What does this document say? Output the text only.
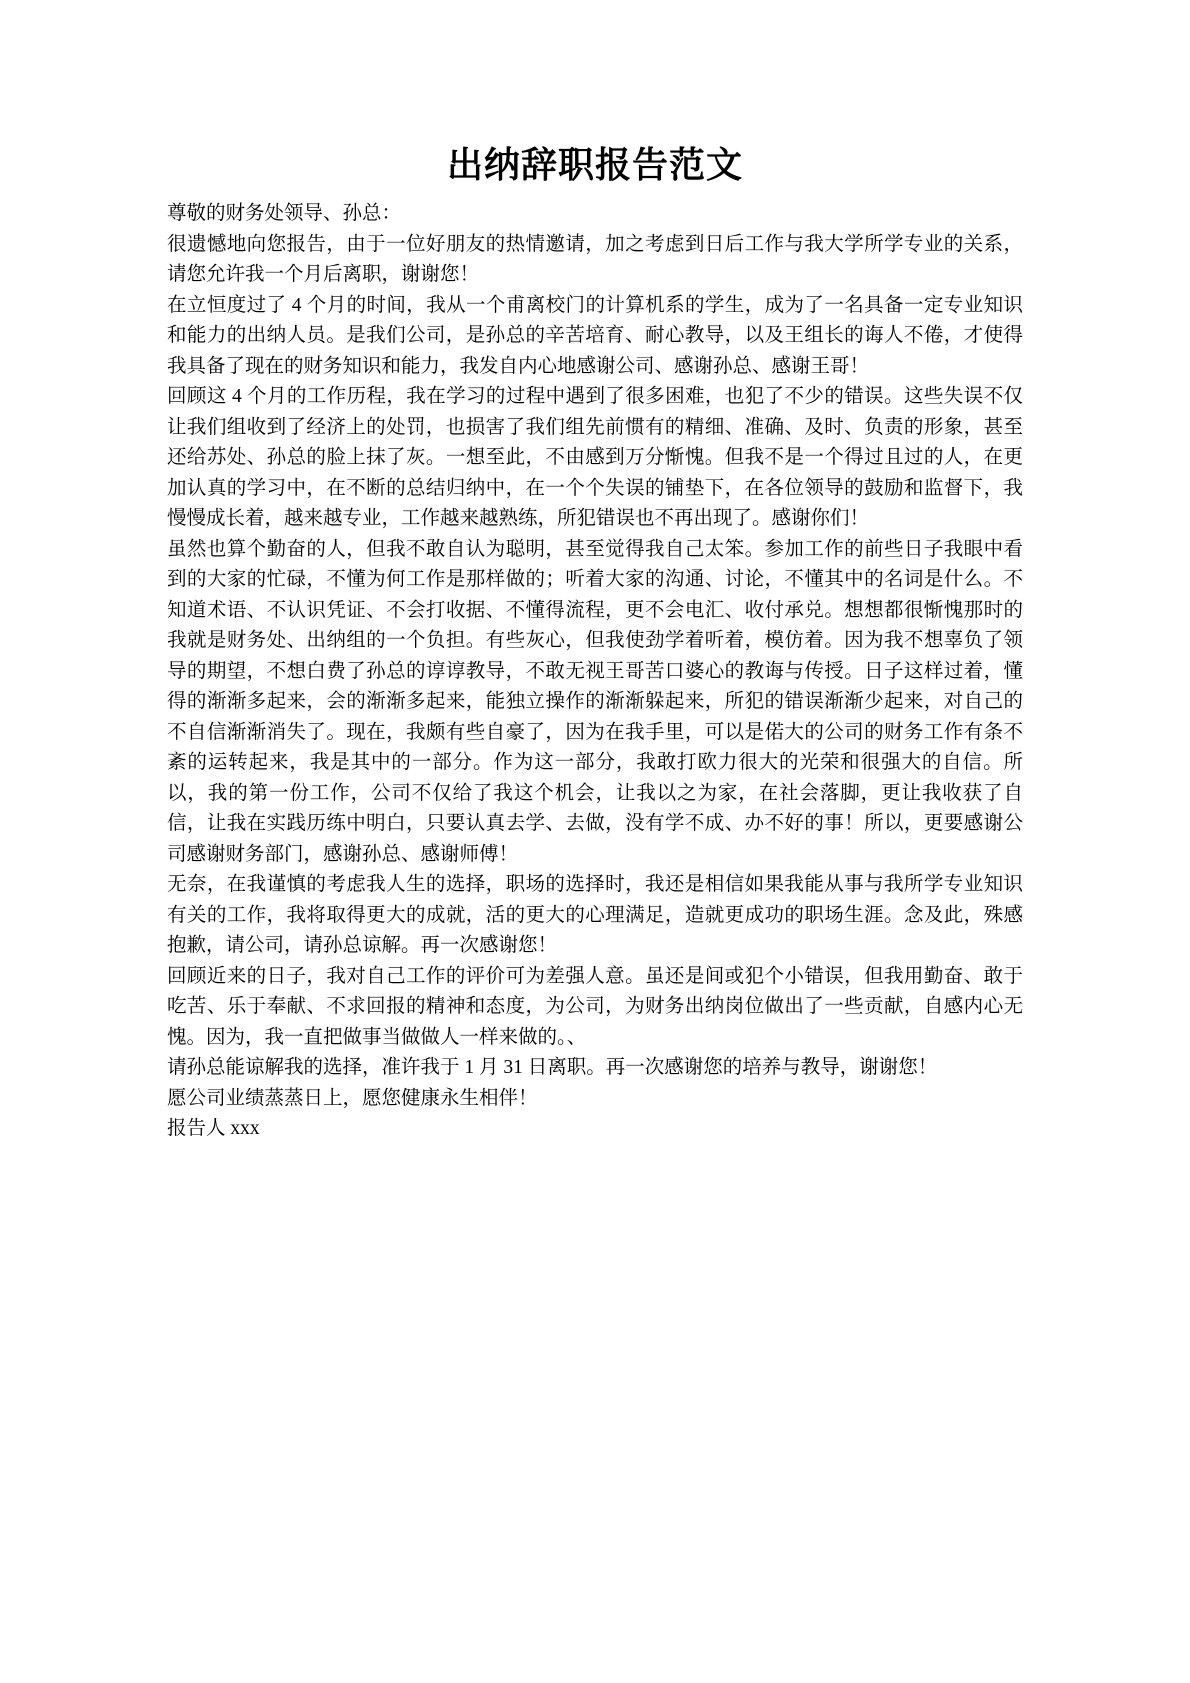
出纳辞职报告范文

尊敬的财务处领导、孙总：

很遗憾地向您报告，由于一位好朋友的热情邀请，加之考虑到日后工作与我大学所学专业的关系，请您允许我一个月后离职，谢谢您！

在立恒度过了 4 个月的时间，我从一个甫离校门的计算机系的学生，成为了一名具备一定专业知识和能力的出纳人员。是我们公司，是孙总的辛苦培育、耐心教导，以及王组长的诲人不倦，才使得我具备了现在的财务知识和能力，我发自内心地感谢公司、感谢孙总、感谢王哥！

回顾这 4 个月的工作历程，我在学习的过程中遇到了很多困难，也犯了不少的错误。这些失误不仅让我们组收到了经济上的处罚，也损害了我们组先前惯有的精细、准确、及时、负责的形象，甚至还给苏处、孙总的脸上抹了灰。一想至此，不由感到万分惭愧。但我不是一个得过且过的人，在更加认真的学习中，在不断的总结归纳中，在一个个失误的铺垫下，在各位领导的鼓励和监督下，我慢慢成长着，越来越专业，工作越来越熟练，所犯错误也不再出现了。感谢你们！

虽然也算个勤奋的人，但我不敢自认为聪明，甚至觉得我自己太笨。参加工作的前些日子我眼中看到的大家的忙碌，不懂为何工作是那样做的；听着大家的沟通、讨论，不懂其中的名词是什么。不知道术语、不认识凭证、不会打收据、不懂得流程，更不会电汇、收付承兑。想想都很惭愧那时的我就是财务处、出纳组的一个负担。有些灰心，但我使劲学着听着，模仿着。因为我不想辜负了领导的期望，不想白费了孙总的谆谆教导，不敢无视王哥苦口婆心的教诲与传授。日子这样过着，懂得的渐渐多起来，会的渐渐多起来，能独立操作的渐渐躲起来，所犯的错误渐渐少起来，对自己的不自信渐渐消失了。现在，我颇有些自豪了，因为在我手里，可以是偌大的公司的财务工作有条不紊的运转起来，我是其中的一部分。作为这一部分，我敢打欧力很大的光荣和很强大的自信。所以，我的第一份工作，公司不仅给了我这个机会，让我以之为家，在社会落脚，更让我收获了自信，让我在实践历练中明白，只要认真去学、去做，没有学不成、办不好的事！所以，更要感谢公司感谢财务部门，感谢孙总、感谢师傅！

无奈，在我谨慎的考虑我人生的选择，职场的选择时，我还是相信如果我能从事与我所学专业知识有关的工作，我将取得更大的成就，活的更大的心理满足，造就更成功的职场生涯。念及此，殊感抱歉，请公司，请孙总谅解。再一次感谢您！

回顾近来的日子，我对自己工作的评价可为差强人意。虽还是间或犯个小错误，但我用勤奋、敢于吃苦、乐于奉献、不求回报的精神和态度，为公司，为财务出纳岗位做出了一些贡献，自感内心无愧。因为，我一直把做事当做做人一样来做的。、

请孙总能谅解我的选择，准许我于 1 月 31 日离职。再一次感谢您的培养与教导，谢谢您！

愿公司业绩蒸蒸日上，愿您健康永生相伴！

报告人 xxx
